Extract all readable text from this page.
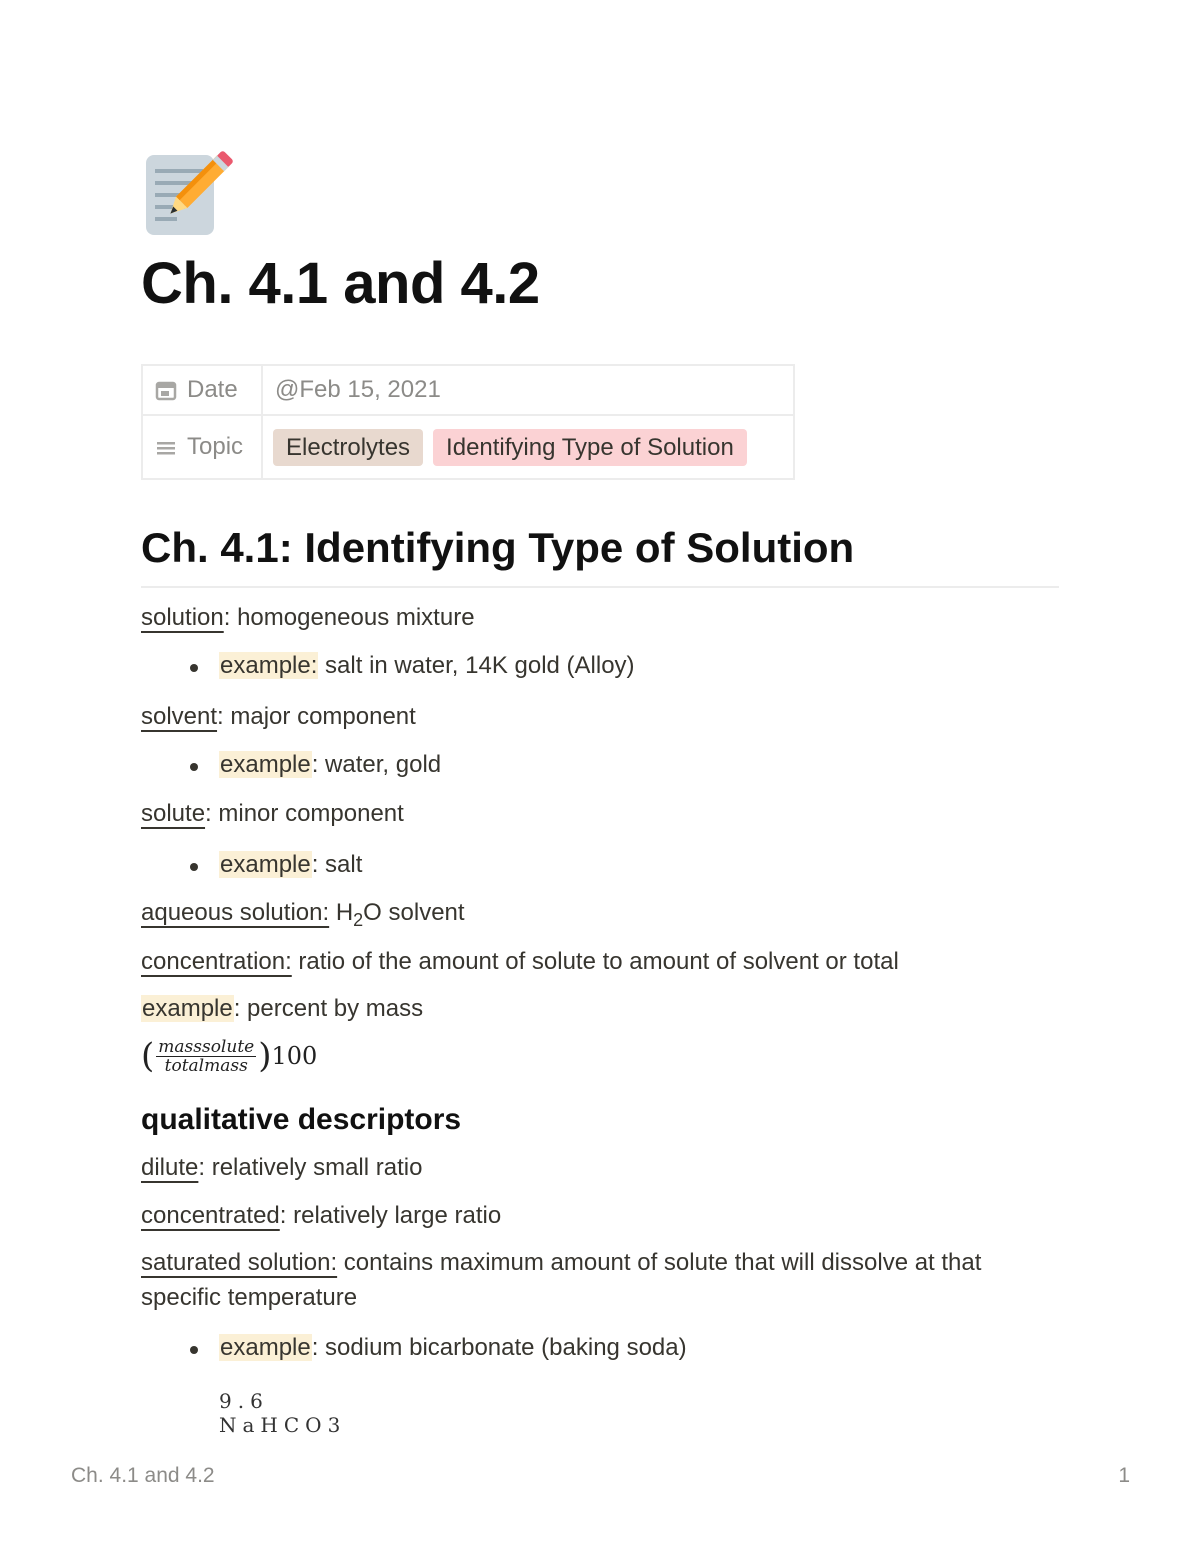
Ch. 4.1 and 4.2
Date	@Feb 15, 2021

Topic	Electrolytes Identifying Type of Solution
Ch. 4.1: Identifying Type of Solution

solution: homogeneous mixture

example: salt in water, 14K gold (Alloy)

solvent: major component

example: water, gold

solute: minor component

example: salt

aqueous solution: $H_2O$ solvent

concentration: ratio of the amount of solute to amount of solvent or total

example: percent by mass

( $\frac{\text{masssolute}}{\text{totalmass}}$ ) 100
qualitative descriptors

dilute: relatively small ratio

concentrated: relatively large ratio

saturated solution: contains maximum amount of solute that will dissolve at that

specific temperature

example: sodium bicarbonate (baking soda)

9.6 NaHCO3
Ch. 4.1 and 4.2	1
